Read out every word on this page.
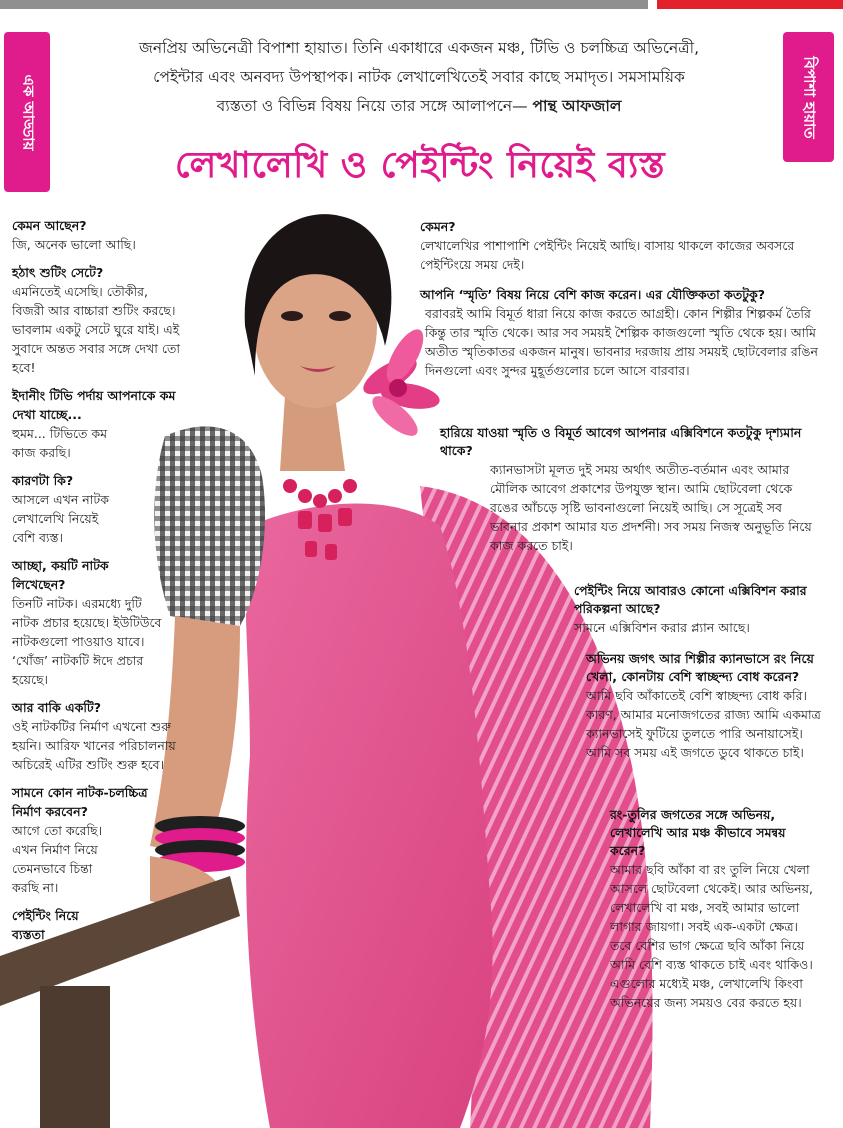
এক আড্ডায়	বিপাশা হায়াত
জনপ্রিয় অভিনেত্রী বিপাশা হায়াত। তিনি একাধারে একজন মঞ্চ, টিভি ও চলচ্চিত্র অভিনেত্রী,
পেইন্টার এবং অনবদ্য উপস্থাপক। নাটক লেখালেখিতেই সবার কাছে সমাদৃত। সমসাময়িক
ব্যস্ততা ও বিভিন্ন বিষয় নিয়ে তার সঙ্গে আলাপনে— পান্থ আফজাল
লেখালেখি ও পেইন্টিং নিয়েই ব্যস্ত

কেমন আছেন?

জি, অনেক ভালো আছি।

হঠাৎ শুটিং সেটে?

এমনিতেই এসেছি। তৌকীর, বিজরী আর বাচ্চারা শুটিং করছে। ভাবলাম একটু সেটে ঘুরে যাই। এই সুবাদে অন্তত সবার সঙ্গে দেখা তো হবে!

ইদানীং টিভি পর্দায় আপনাকে কম দেখা যাচ্ছে...

হুমম... টিভিতে কম কাজ করছি।

কারণটা কি?

আসলে এখন নাটক লেখালেখি নিয়েই বেশি ব্যস্ত।

আচ্ছা, কয়টি নাটক লিখেছেন?

তিনটি নাটক। এরমধ্যে দুটি নাটক প্রচার হয়েছে। ইউটিউবে নাটকগুলো পাওয়াও যাবে। ‘খোঁজ’ নাটকটি ঈদে প্রচার হয়েছে।

আর বাকি একটি?

ওই নাটকটির নির্মাণ এখনো শুরু হয়নি। আরিফ খানের পরিচালনায় অচিরেই এটির শুটিং শুরু হবে।

সামনে কোন নাটক-চলচ্চিত্র নির্মাণ করবেন?

আগে তো করেছি। এখন নির্মাণ নিয়ে তেমনভাবে চিন্তা করছি না।

পেইন্টিং নিয়ে

ব্যস্ততা

কেমন?
লেখালেখির পাশাপাশি পেইন্টিং নিয়েই আছি। বাসায় থাকলে কাজের অবসরে পেইন্টিংয়ে সময় দেই।
আপনি ‘স্মৃতি’ বিষয় নিয়ে বেশি কাজ করেন। এর যৌক্তিকতা কতটুকু?
বরাবরই আমি বিমূর্ত ধারা নিয়ে কাজ করতে আগ্রহী। কোন শিল্পীর শিল্পকর্ম তৈরি কিন্তু তার স্মৃতি থেকে। আর সব সময়ই শৈল্পিক কাজগুলো স্মৃতি থেকে হয়। আমি অতীত স্মৃতিকাতর একজন মানুষ। ভাবনার দরজায় প্রায় সময়ই ছোটবেলার রঙিন দিনগুলো এবং সুন্দর মুহূর্তগুলোর চলে আসে বারবার।
হারিয়ে যাওয়া স্মৃতি ও বিমূর্ত আবেগ আপনার এক্সিবিশনে কতটুকু দৃশ্যমান থাকে?
ক্যানভাসটা মূলত দুই সময় অর্থাৎ অতীত-বর্তমান এবং আমার মৌলিক আবেগ প্রকাশের উপযুক্ত স্থান। আমি ছোটবেলা থেকে রঙের আঁচড়ে সৃষ্টি ভাবনাগুলো নিয়েই আছি। সে সূত্রেই সব ভাবনার প্রকাশ আমার যত প্রদর্শনী। সব সময় নিজস্ব অনুভূতি নিয়ে কাজ করতে চাই।
পেইন্টিং নিয়ে আবারও কোনো এক্সিবিশন করার পরিকল্পনা আছে?
সামনে এক্সিবিশন করার প্ল্যান আছে।
অভিনয় জগৎ আর শিল্পীর ক্যানভাসে রং নিয়ে খেলা, কোনটায় বেশি স্বাচ্ছন্দ্য বোধ করেন?
আমি ছবি আঁকাতেই বেশি স্বাচ্ছন্দ্য বোধ করি। কারণ, আমার মনোজগতের রাজ্য আমি একমাত্র ক্যানভাসেই ফুটিয়ে তুলতে পারি অনায়াসেই। আমি সব সময় এই জগতে ডুবে থাকতে চাই।
রং-তুলির জগতের সঙ্গে অভিনয়, লেখালেখি আর মঞ্চ কীভাবে সমন্বয় করেন?
আমার ছবি আঁকা বা রং তুলি নিয়ে খেলা আসলে ছোটবেলা থেকেই। আর অভিনয়, লেখালেখি বা মঞ্চ, সবই আমার ভালো লাগার জায়গা। সবই এক-একটা ক্ষেত্র। তবে বেশির ভাগ ক্ষেত্রে ছবি আঁকা নিয়ে আমি বেশি ব্যস্ত থাকতে চাই এবং থাকিও। এগুলোর মধ্যেই মঞ্চ, লেখালেখি কিংবা অভিনয়ের জন্য সময়ও বের করতে হয়।
